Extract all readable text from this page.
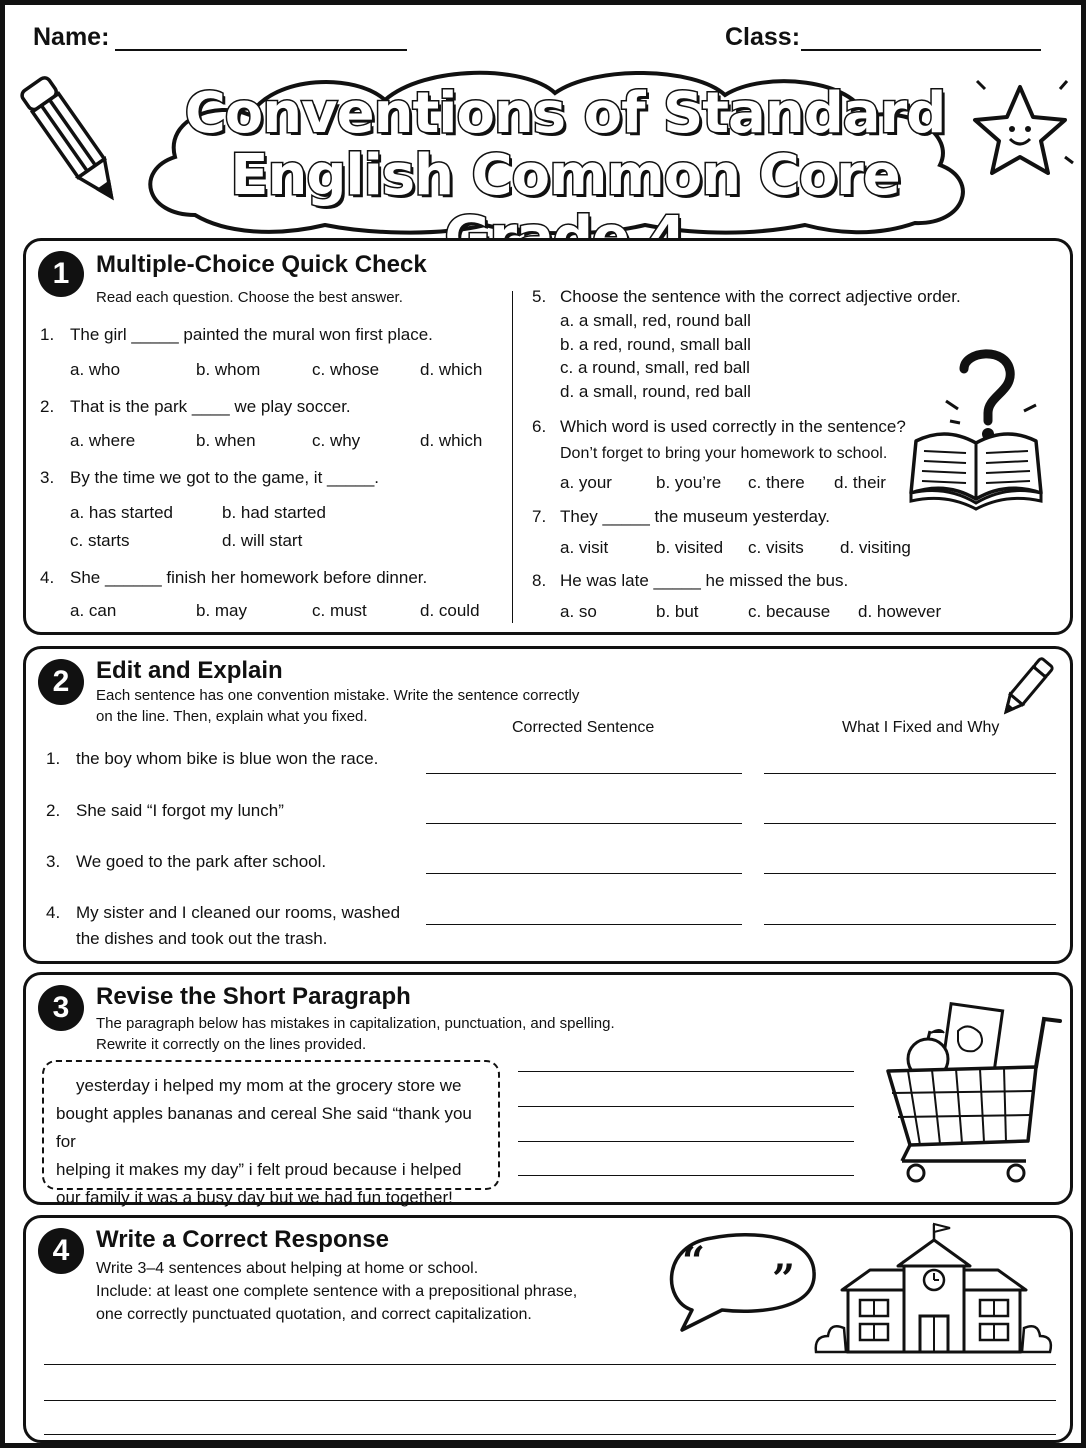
Name:	Class:
Conventions of Standard
English Common Core
1	Multiple-Choice Quick Check
Read each question. Choose the best answer.
1. The girl _____ painted the mural won first place.
a. who	b. whom	c. whose d. which
2. That is the park ____ we play soccer.
a. where	b. when	c. why	d. which
3. By the time we got to the game, it _____.
a. has started	b. had started
c. starts	d. will start
4. She ______ finish her homework before dinner.
a. can	b. may	c. must	d. could
5. Choose the sentence with the correct adjective order.
a. a small, red, round ball
b. a red, round, small ball
c. a round, small, red ball
d. a small, round, red ball
6. Which word is used correctly in the sentence?
Don’t forget to bring your homework to school.
a. your	b. you’re c. there d. their
7. They _____ the museum yesterday.
a. visit	b. visited c. visits d. visiting
8. He was late _____ he missed the bus.
a. so	b. but	c. because d. however
2	Edit and Explain
Each sentence has one convention mistake. Write the sentence correctly
on the line. Then, explain what you fixed.
Corrected Sentence	What I Fixed and Why
1. the boy whom bike is blue won the race.
2. She said “I forgot my lunch”
3. We goed to the park after school.
4. My sister and I cleaned our rooms, washed
the dishes and took out the trash.
3	Revise the Short Paragraph
The paragraph below has mistakes in capitalization, punctuation, and spelling.
Rewrite it correctly on the lines provided.
yesterday i helped my mom at the grocery store we
bought apples bananas and cereal She said “thank you for
helping it makes my day” i felt proud because i helped
our family it was a busy day but we had fun together!
4	Write a Correct Response
Write 3–4 sentences about helping at home or school.
Include: at least one complete sentence with a prepositional phrase,
one correctly punctuated quotation, and correct capitalization.
“ ”
